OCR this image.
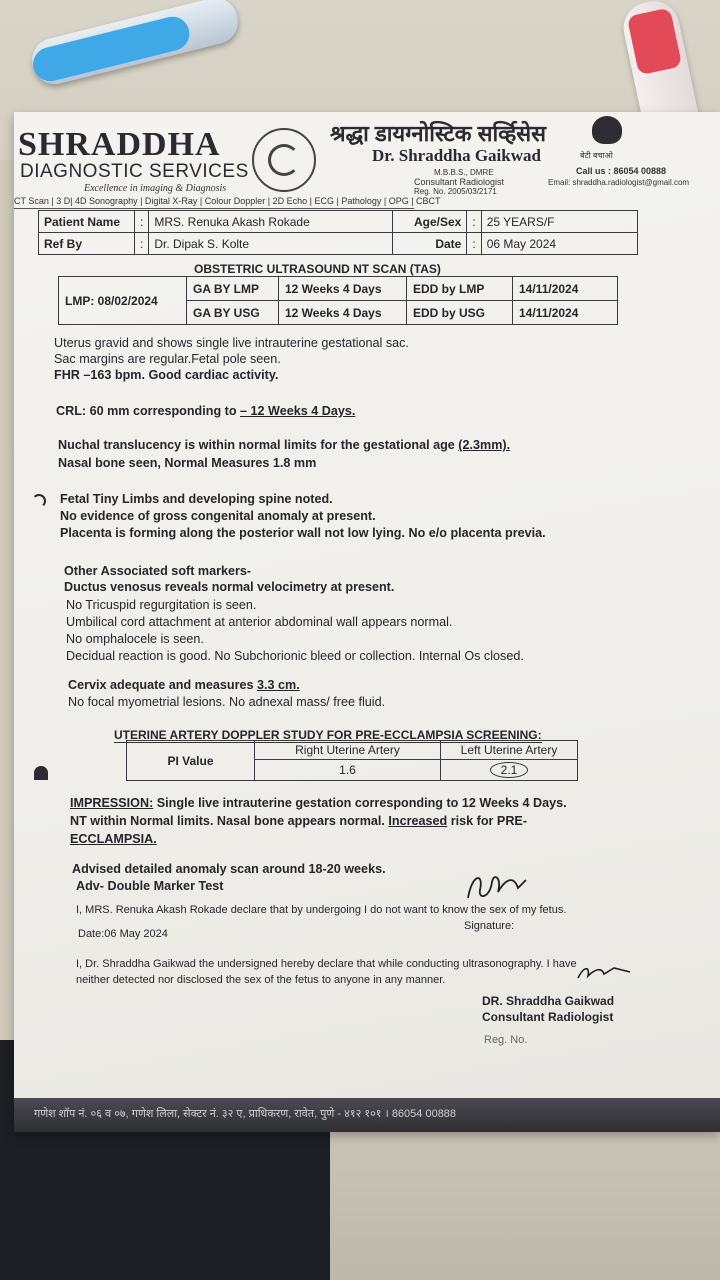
SHRADDHA
DIAGNOSTIC SERVICES
Excellence in imaging & Diagnosis
CT Scan | 3 D| 4D Sonography | Digital X-Ray | Colour Doppler | 2D Echo | ECG | Pathology | OPG | CBCT
श्रद्धा डायग्नोस्टिक सर्व्हिसेस
Dr. Shraddha Gaikwad
M.B.B.S., DMRE
Consultant Radiologist
Reg. No. 2005/03/2171
बेटी बचाओ
Call us : 86054 00888
Email: shraddha.radiologist@gmail.com
Patient Name	:	MRS. Renuka Akash Rokade	Age/Sex	:	25 YEARS/F
Ref By	:	Dr. Dipak S. Kolte	Date	:	06 May 2024
OBSTETRIC ULTRASOUND NT SCAN (TAS)
LMP: 08/02/2024	GA BY LMP	12 Weeks 4 Days	EDD by LMP	14/11/2024
	GA BY USG	12 Weeks 4 Days	EDD by USG	14/11/2024
Uterus gravid and shows single live intrauterine gestational sac.
Sac margins are regular.Fetal pole seen.
FHR –163 bpm. Good cardiac activity.
CRL: 60 mm corresponding to – 12 Weeks 4 Days.
Nuchal translucency is within normal limits for the gestational age (2.3mm).
Nasal bone seen, Normal Measures 1.8 mm
Fetal Tiny Limbs and developing spine noted.
No evidence of gross congenital anomaly at present.
Placenta is forming along the posterior wall not low lying. No e/o placenta previa.
Other Associated soft markers-
Ductus venosus reveals normal velocimetry at present.
No Tricuspid regurgitation is seen.
Umbilical cord attachment at anterior abdominal wall appears normal.
No omphalocele is seen.
Decidual reaction is good. No Subchorionic bleed or collection. Internal Os closed.
Cervix adequate and measures 3.3 cm.
No focal myometrial lesions. No adnexal mass/ free fluid.
UTERINE ARTERY DOPPLER STUDY FOR PRE-ECCLAMPSIA SCREENING:
PI Value	Right Uterine Artery	Left Uterine Artery
	1.6	2.1
IMPRESSION: Single live intrauterine gestation corresponding to 12 Weeks 4 Days.
NT within Normal limits. Nasal bone appears normal. Increased risk for PRE-
ECCLAMPSIA.
Advised detailed anomaly scan around 18-20 weeks.
Adv- Double Marker Test
I, MRS. Renuka Akash Rokade declare that by undergoing I do not want to know the sex of my fetus.
Signature:
Date:06 May 2024
I, Dr. Shraddha Gaikwad the undersigned hereby declare that while conducting ultrasonography. I have
neither detected nor disclosed the sex of the fetus to anyone in any manner.
DR. Shraddha Gaikwad
Consultant Radiologist
Reg. No.
गणेश शॉप नं. ०६ व ०७, गणेश लिला, सेक्टर नं. ३२ ए, प्राधिकरण, रावेत, पुणे - ४१२ १०१ । 86054 00888
